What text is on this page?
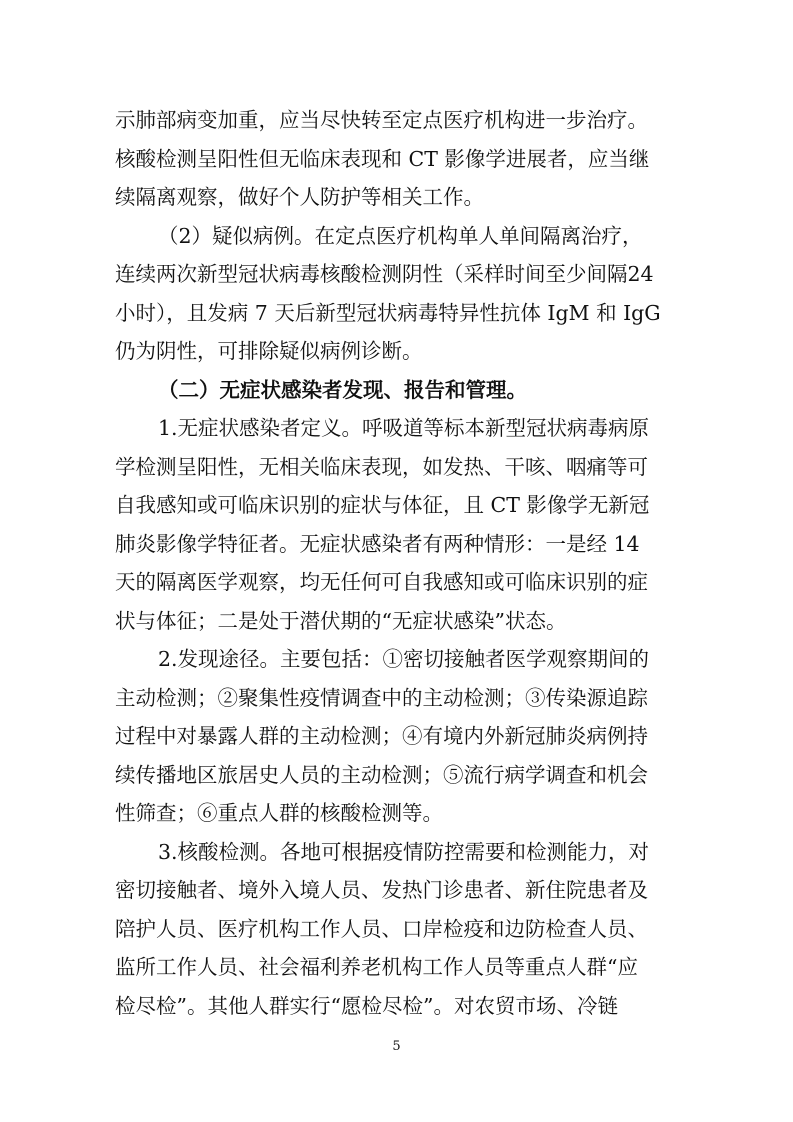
示肺部病变加重，应当尽快转至定点医疗机构进一步治疗。
核酸检测呈阳性但无临床表现和 CT 影像学进展者，应当继
续隔离观察，做好个人防护等相关工作。
（2）疑似病例。在定点医疗机构单人单间隔离治疗，
连续两次新型冠状病毒核酸检测阴性（采样时间至少间隔24
小时），且发病 7 天后新型冠状病毒特异性抗体 IgM 和 IgG
仍为阴性，可排除疑似病例诊断。
（二）无症状感染者发现、报告和管理。
1.无症状感染者定义。呼吸道等标本新型冠状病毒病原
学检测呈阳性，无相关临床表现，如发热、干咳、咽痛等可
自我感知或可临床识别的症状与体征，且 CT 影像学无新冠
肺炎影像学特征者。无症状感染者有两种情形：一是经 14
天的隔离医学观察，均无任何可自我感知或可临床识别的症
状与体征；二是处于潜伏期的“无症状感染”状态。
2.发现途径。主要包括：①密切接触者医学观察期间的
主动检测；②聚集性疫情调查中的主动检测；③传染源追踪
过程中对暴露人群的主动检测；④有境内外新冠肺炎病例持
续传播地区旅居史人员的主动检测；⑤流行病学调查和机会
性筛查；⑥重点人群的核酸检测等。
3.核酸检测。各地可根据疫情防控需要和检测能力，对
密切接触者、境外入境人员、发热门诊患者、新住院患者及
陪护人员、医疗机构工作人员、口岸检疫和边防检查人员、
监所工作人员、社会福利养老机构工作人员等重点人群“应
检尽检”。其他人群实行“愿检尽检”。对农贸市场、冷链
5
